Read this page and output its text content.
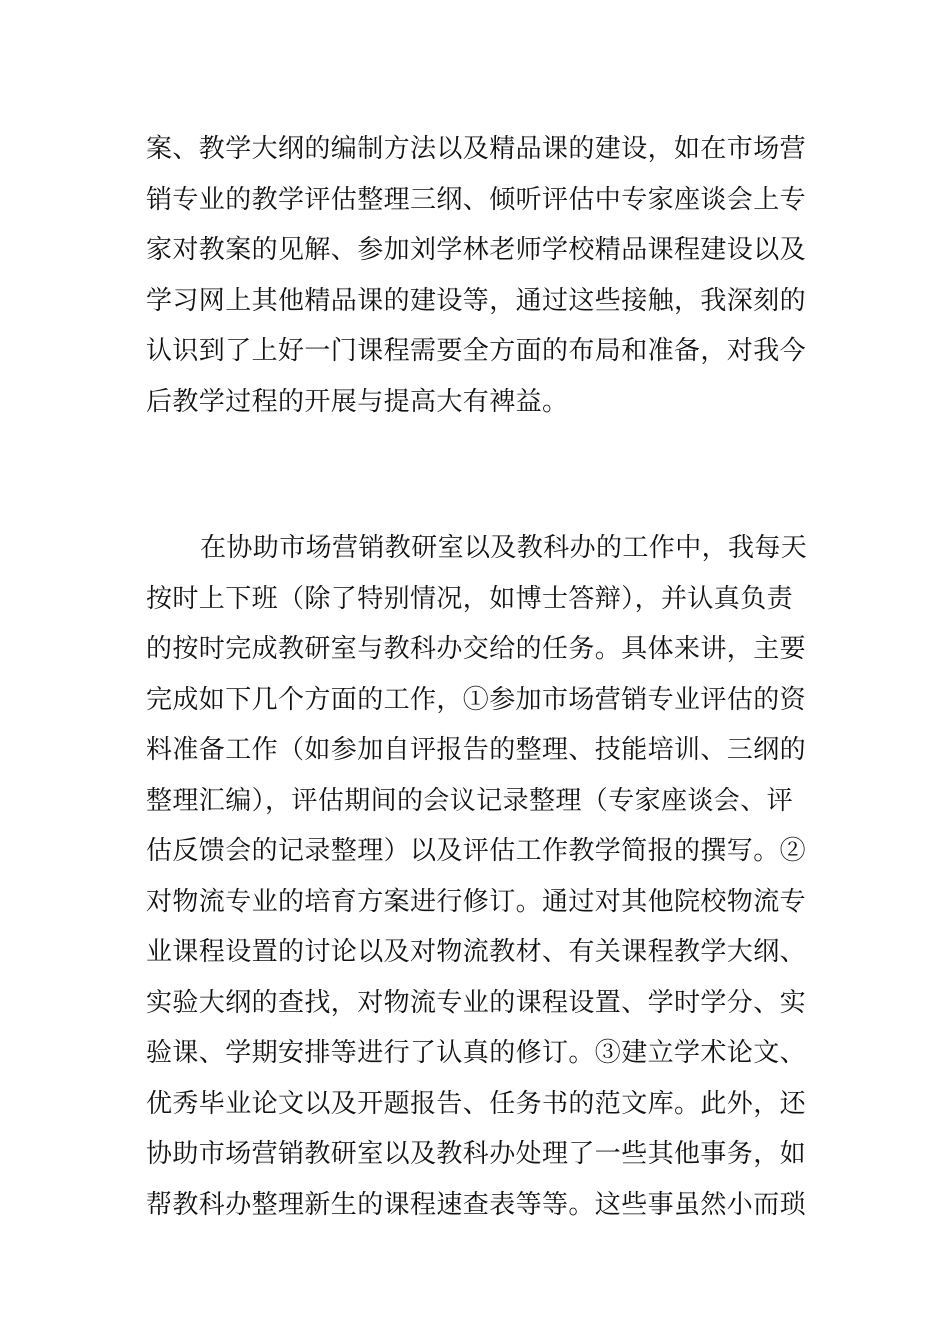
案、教学大纲的编制方法以及精品课的建设，如在市场营
销专业的教学评估整理三纲、倾听评估中专家座谈会上专
家对教案的见解、参加刘学林老师学校精品课程建设以及
学习网上其他精品课的建设等，通过这些接触，我深刻的
认识到了上好一门课程需要全方面的布局和准备，对我今
后教学过程的开展与提高大有裨益。
在协助市场营销教研室以及教科办的工作中，我每天
按时上下班（除了特别情况，如博士答辩），并认真负责
的按时完成教研室与教科办交给的任务。具体来讲，主要
完成如下几个方面的工作，①参加市场营销专业评估的资
料准备工作（如参加自评报告的整理、技能培训、三纲的
整理汇编），评估期间的会议记录整理（专家座谈会、评
估反馈会的记录整理）以及评估工作教学简报的撰写。②
对物流专业的培育方案进行修订。通过对其他院校物流专
业课程设置的讨论以及对物流教材、有关课程教学大纲、
实验大纲的查找，对物流专业的课程设置、学时学分、实
验课、学期安排等进行了认真的修订。③建立学术论文、
优秀毕业论文以及开题报告、任务书的范文库。此外，还
协助市场营销教研室以及教科办处理了一些其他事务，如
帮教科办整理新生的课程速查表等等。这些事虽然小而琐
